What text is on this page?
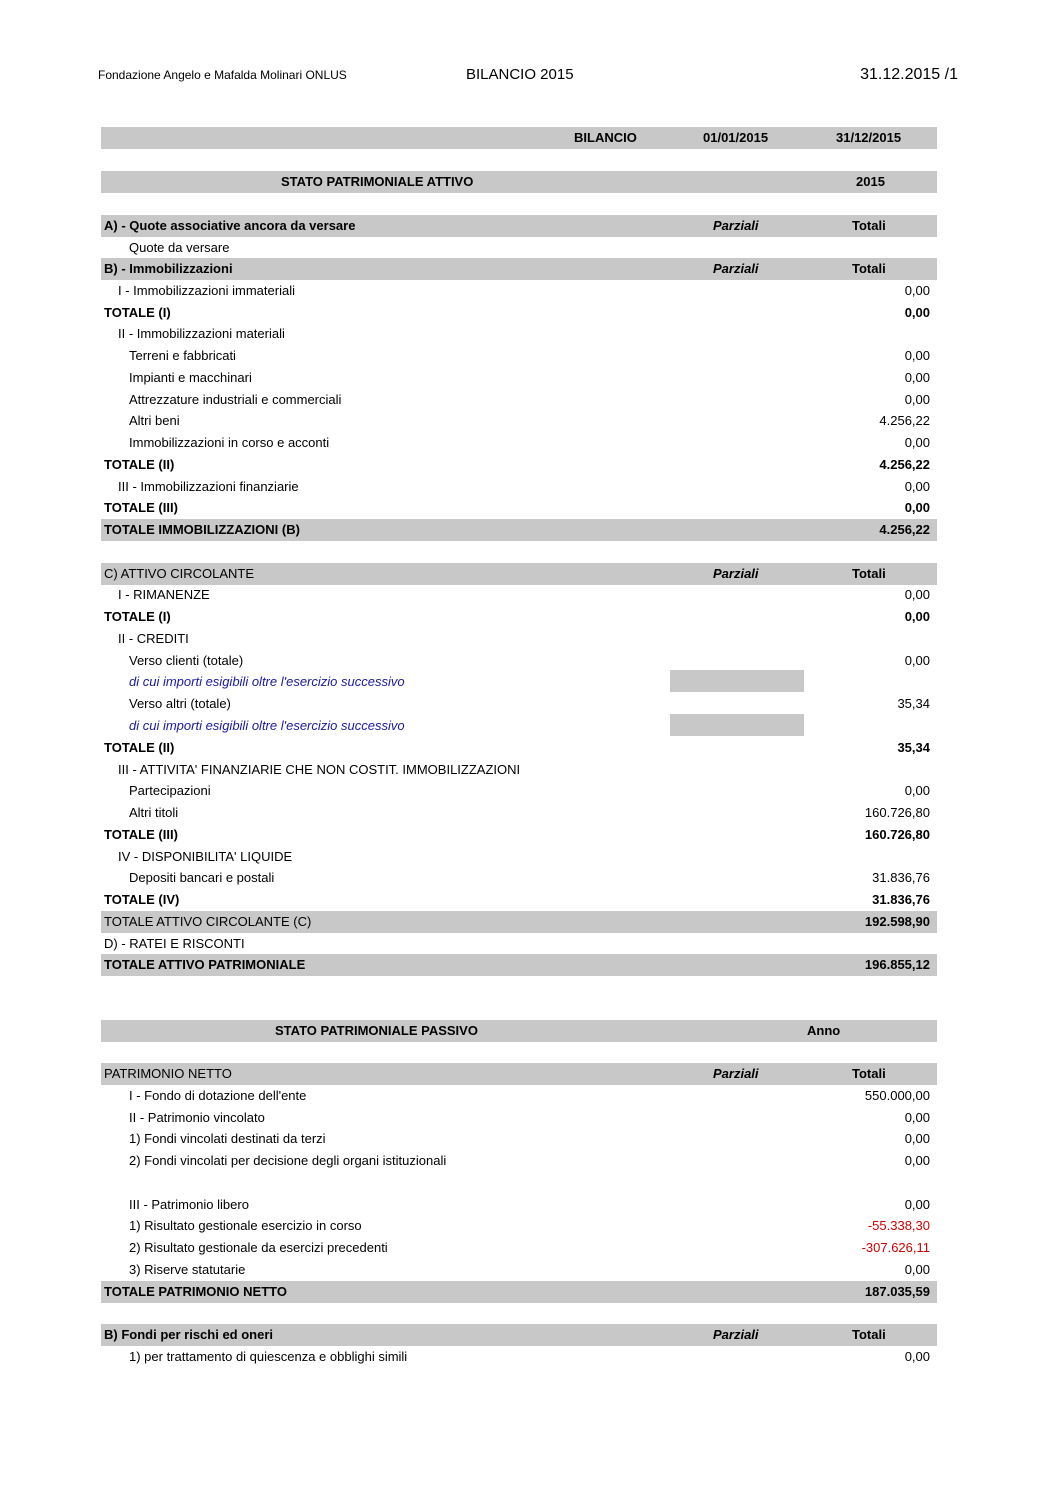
Fondazione Angelo e Mafalda Molinari ONLUS	BILANCIO 2015	31.12.2015 /1
BILANCIO	01/01/2015	31/12/2015
STATO PATRIMONIALE ATTIVO	2015
A) - Quote associative ancora da versare	Parziali	Totali
Quote da versare
B) - Immobilizzazioni	Parziali	Totali
I - Immobilizzazioni immateriali	0,00
TOTALE (I)	0,00
II - Immobilizzazioni materiali
Terreni e fabbricati	0,00
Impianti e macchinari	0,00
Attrezzature industriali e commerciali	0,00
Altri beni	4.256,22
Immobilizzazioni in corso e acconti	0,00
TOTALE (II)	4.256,22
III - Immobilizzazioni finanziarie	0,00
TOTALE (III)	0,00
TOTALE IMMOBILIZZAZIONI (B)	4.256,22
C) ATTIVO CIRCOLANTE	Parziali	Totali
I - RIMANENZE	0,00
TOTALE (I)	0,00
II - CREDITI
Verso clienti (totale)	0,00
di cui importi esigibili oltre l'esercizio successivo
Verso altri (totale)	35,34
di cui importi esigibili oltre l'esercizio successivo
TOTALE (II)	35,34
III - ATTIVITA' FINANZIARIE CHE NON COSTIT. IMMOBILIZZAZIONI
Partecipazioni	0,00
Altri titoli	160.726,80
TOTALE (III)	160.726,80
IV - DISPONIBILITA' LIQUIDE
Depositi bancari e postali	31.836,76
TOTALE (IV)	31.836,76
TOTALE ATTIVO CIRCOLANTE (C)	192.598,90
D) - RATEI E RISCONTI
TOTALE ATTIVO PATRIMONIALE	196.855,12
STATO PATRIMONIALE PASSIVO	Anno
PATRIMONIO NETTO	Parziali	Totali
I - Fondo di dotazione dell'ente	550.000,00
II - Patrimonio vincolato	0,00
1) Fondi vincolati destinati da terzi	0,00
2) Fondi vincolati per decisione degli organi istituzionali	0,00
III - Patrimonio libero	0,00
1) Risultato gestionale esercizio in corso	-55.338,30
2) Risultato gestionale da esercizi precedenti	-307.626,11
3) Riserve statutarie	0,00
TOTALE PATRIMONIO NETTO	187.035,59
B) Fondi per rischi ed oneri	Parziali	Totali
1) per trattamento di quiescenza e obblighi simili	0,00
